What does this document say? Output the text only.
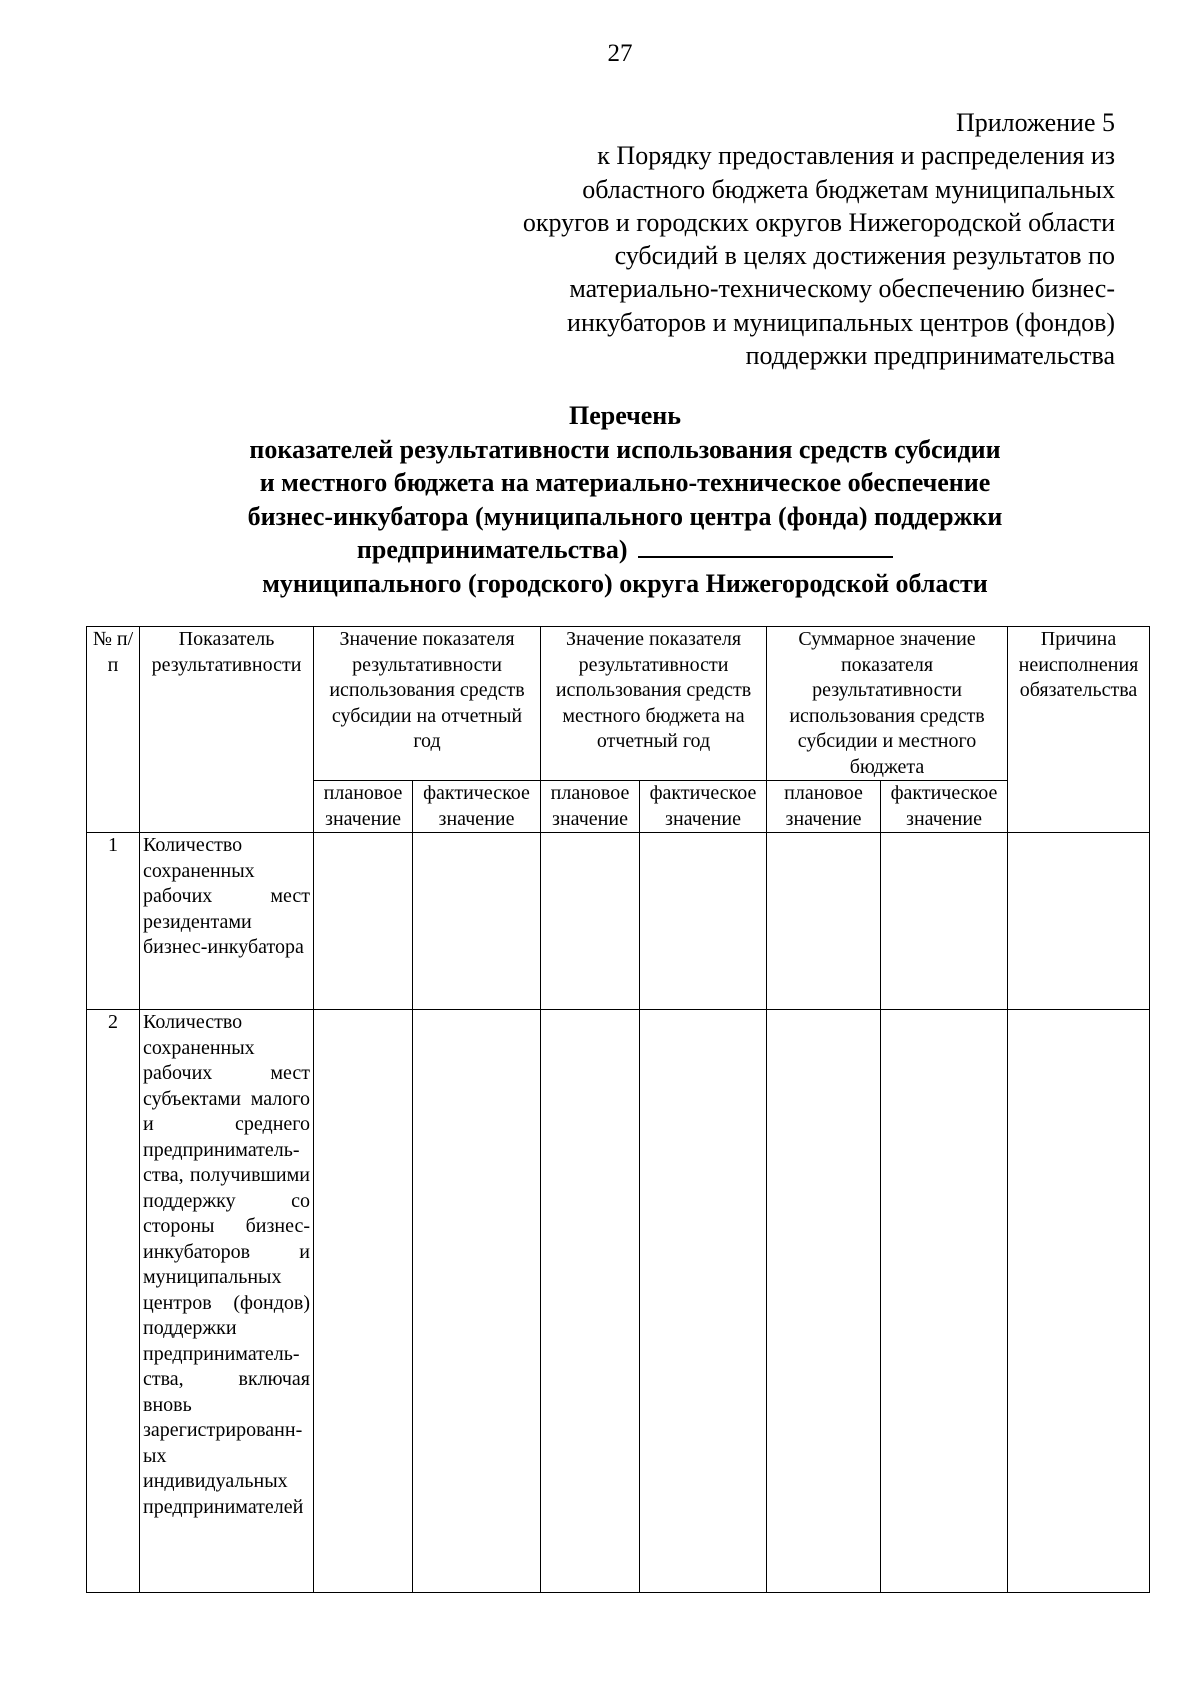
27
Приложение 5
к Порядку предоставления и распределения из
областного бюджета бюджетам муниципальных
округов и городских округов Нижегородской области
субсидий в целях достижения результатов по
материально-техническому обеспечению бизнес-
инкубаторов и муниципальных центров (фондов)
поддержки предпринимательства
Перечень
показателей результативности использования средств субсидии
и местного бюджета на материально-техническое обеспечение
бизнес-инкубатора (муниципального центра (фонда) поддержки
предпринимательства)
муниципального (городского) округа Нижегородской области
№ п/п	Показатель результативности	Значение показателя результативности использования средств субсидии на отчетный год		Значение показателя результативности использования средств местного бюджета на отчетный год		Суммарное значение показателя результативности использования средств субсидии и местного бюджета		Причина неисполнения обязательства
		плановое значение	фактическое значение	плановое значение	фактическое значение	плановое значение	фактическое значение	
1	Количество сохраненных рабочих мест резидентами бизнес-инкубатора							
2	Количество сохраненных рабочих мест субъектами малого и среднего предпринимательства, получившими поддержку со стороны бизнес-инкубаторов и муниципальных центров (фондов) поддержки предпринимательства, включая вновь зарегистрированных индивидуальных предпринимателей							
